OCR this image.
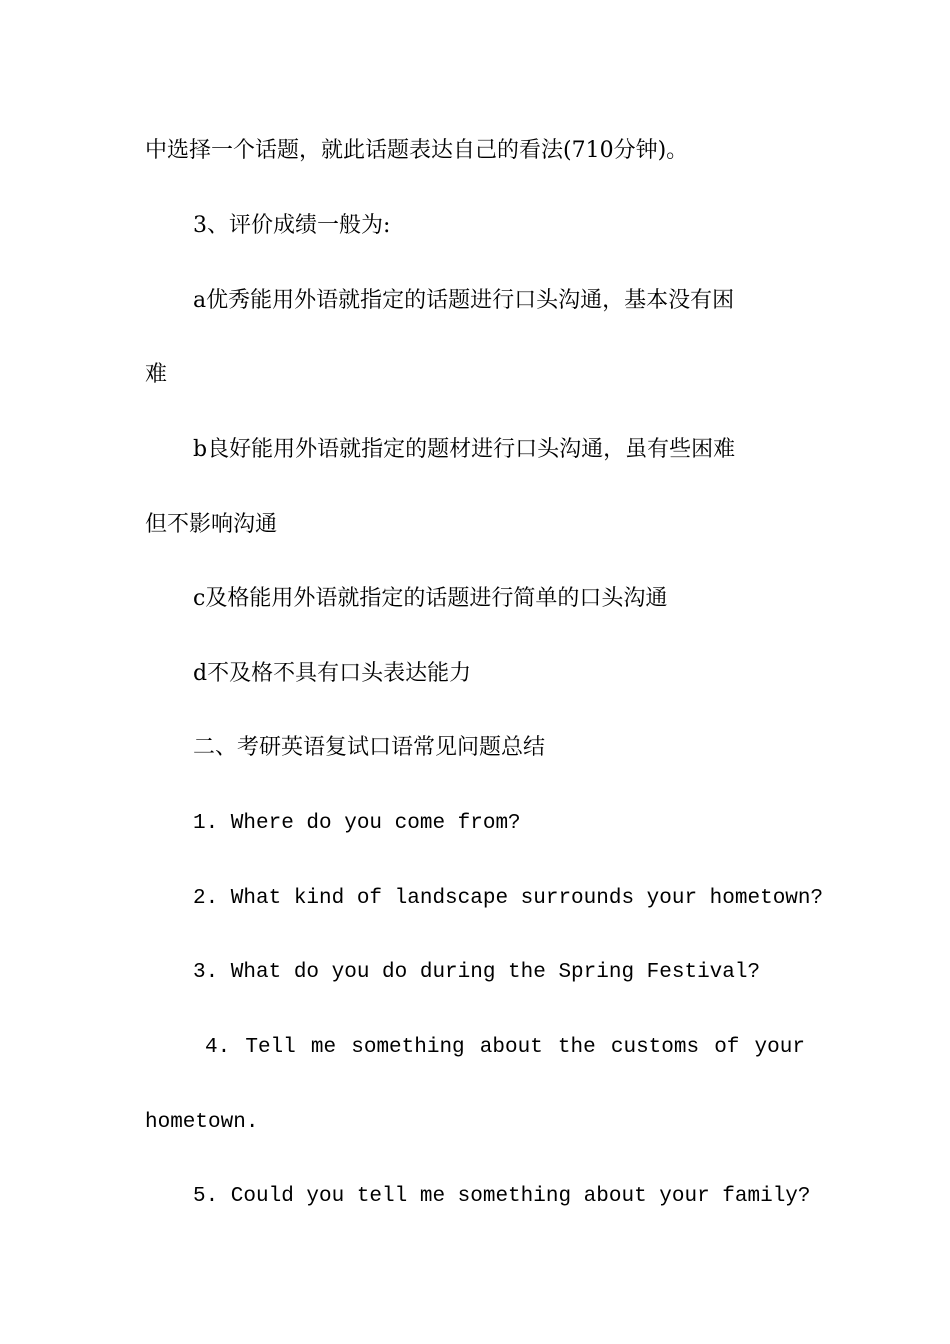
中选择一个话题，就此话题表达自己的看法(710分钟)。
3、评价成绩一般为:
a优秀能用外语就指定的话题进行口头沟通，基本没有困
难
b良好能用外语就指定的题材进行口头沟通，虽有些困难
但不影响沟通
c及格能用外语就指定的话题进行简单的口头沟通
d不及格不具有口头表达能力
二、考研英语复试口语常见问题总结
1. Where do you come from?
2. What kind of landscape surrounds your hometown?
3. What do you do during the Spring Festival?
4. Tell me something about the customs of your
hometown.
5. Could you tell me something about your family?
